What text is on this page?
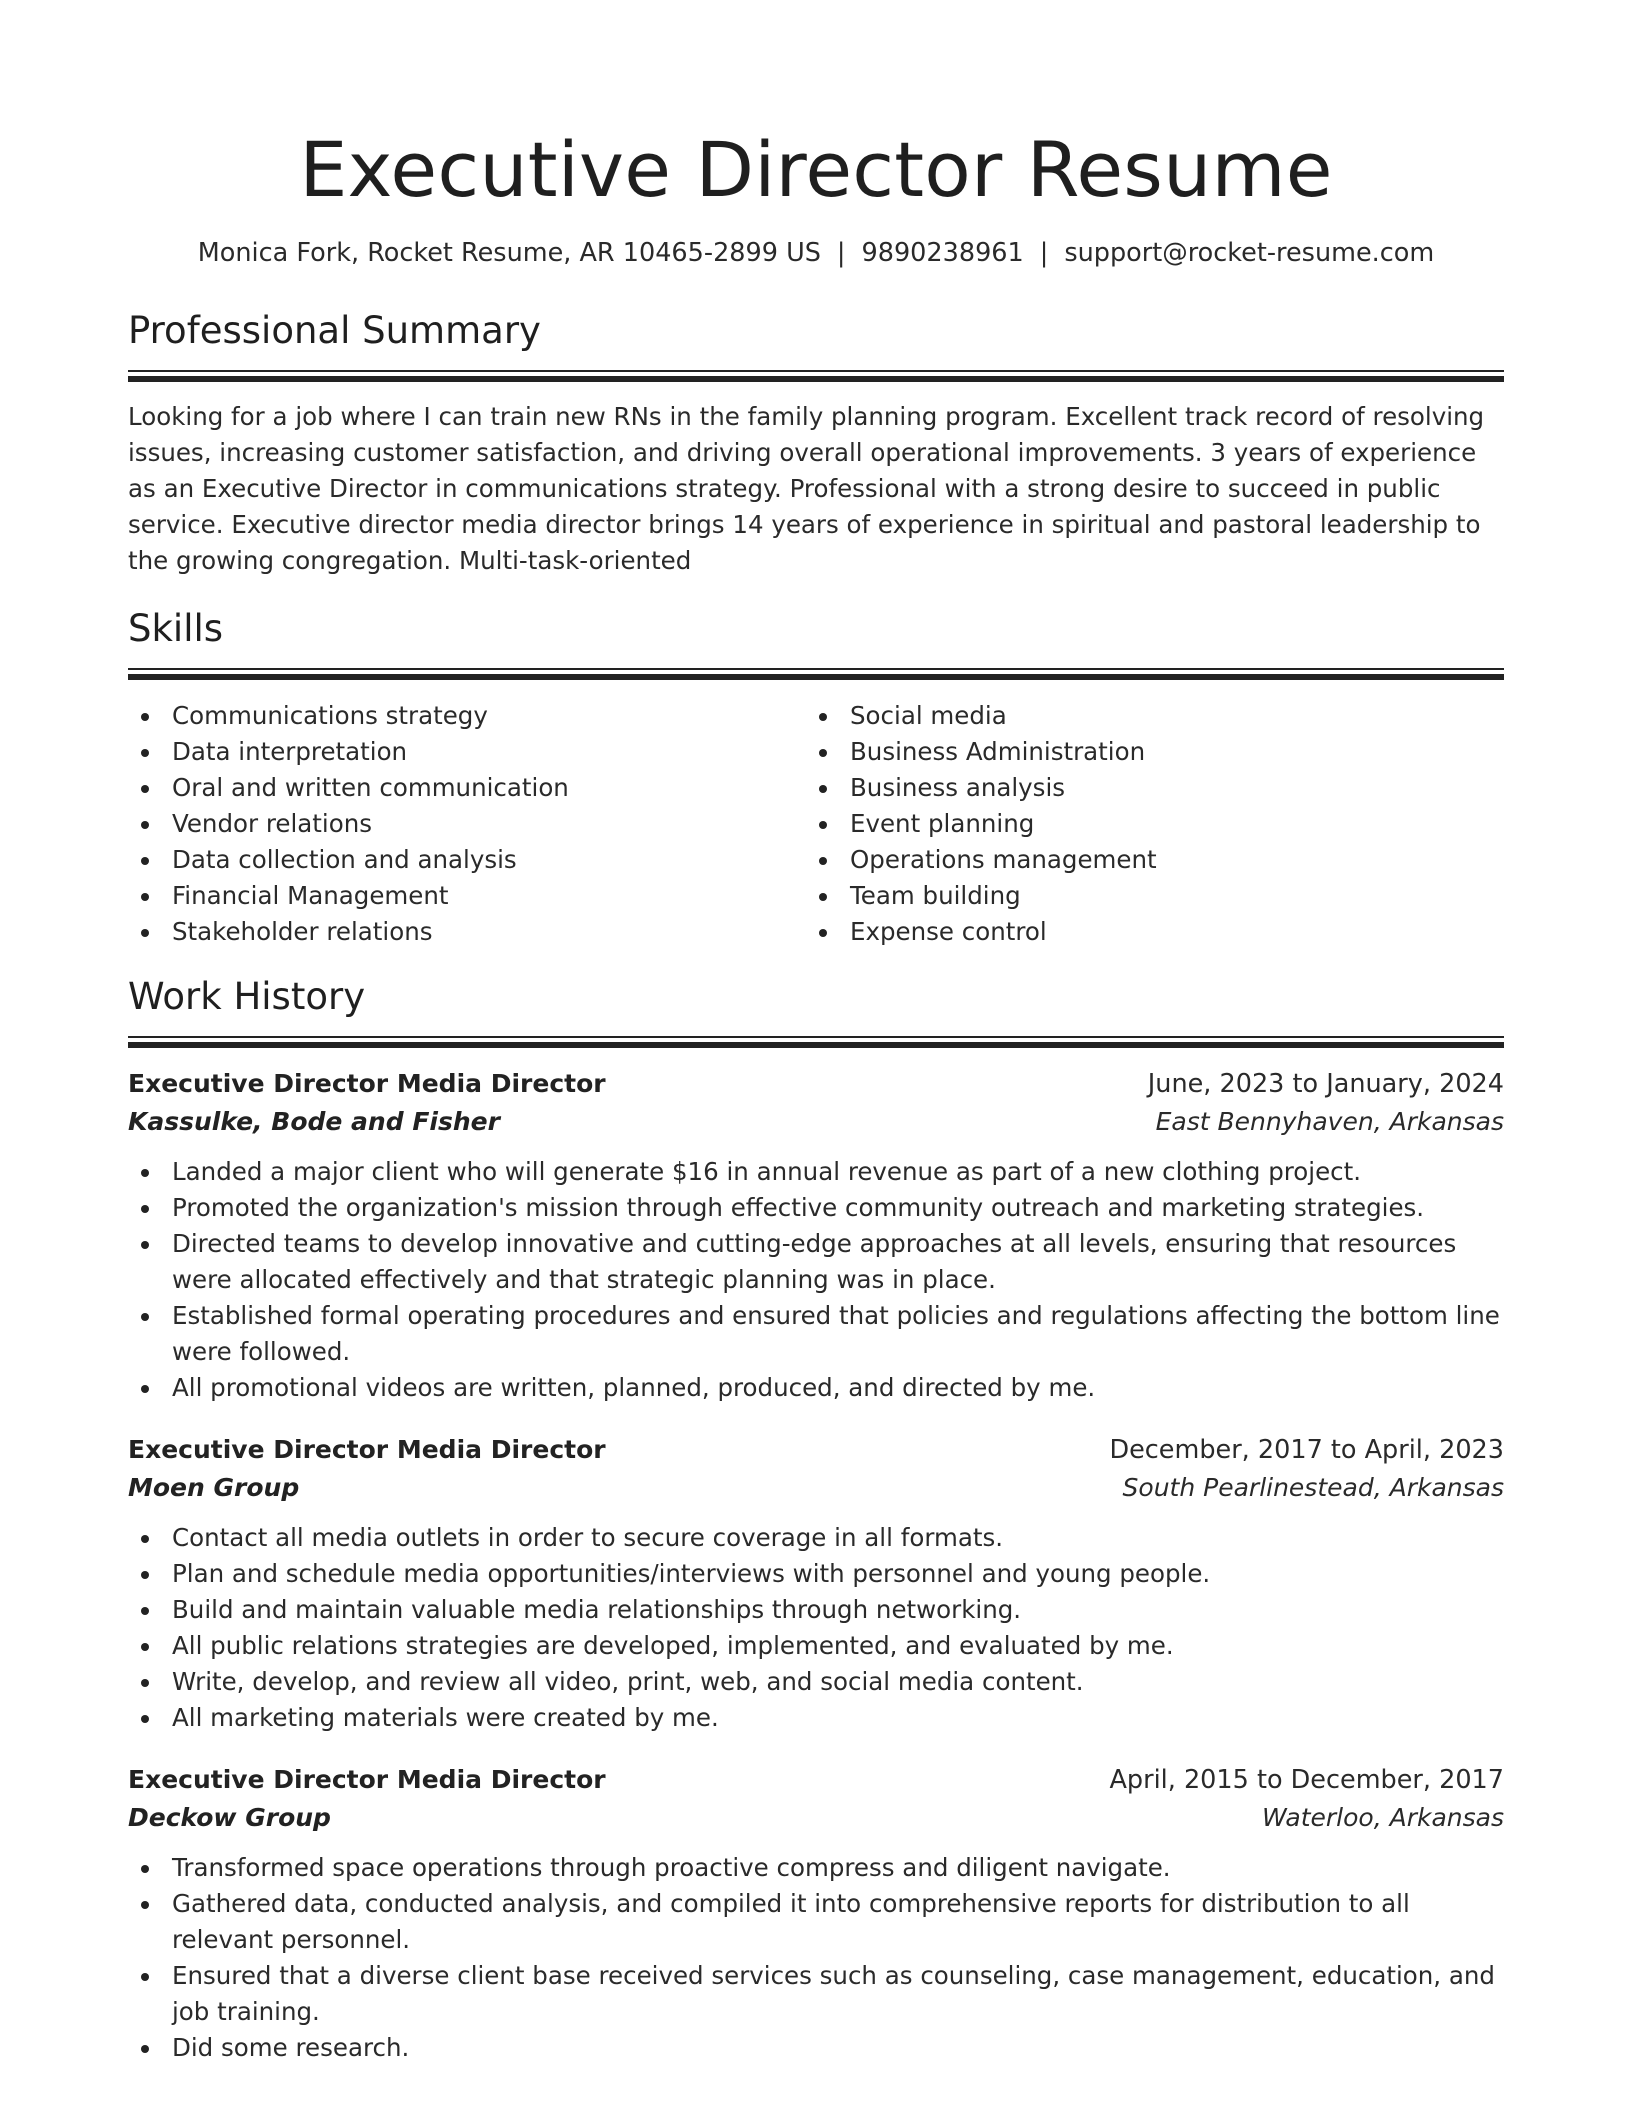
Executive Director Resume
Monica Fork, Rocket Resume, AR 10465-2899 US | 9890238961 | support@rocket-resume.com
Professional Summary

Looking for a job where I can train new RNs in the family planning program. Excellent track record of resolving issues, increasing customer satisfaction, and driving overall operational improvements. 3 years of experience as an Executive Director in communications strategy. Professional with a strong desire to succeed in public service. Executive director media director brings 14 years of experience in spiritual and pastoral leadership to the growing congregation. Multi-task-oriented

Skills
Communications strategy
Data interpretation
Oral and written communication
Vendor relations
Data collection and analysis
Financial Management
Stakeholder relations
Social media
Business Administration
Business analysis
Event planning
Operations management
Team building
Expense control
Work History
Executive Director Media Director	June, 2023 to January, 2024
Kassulke, Bode and Fisher	East Bennyhaven, Arkansas
Landed a major client who will generate $16 in annual revenue as part of a new clothing project.
Promoted the organization's mission through effective community outreach and marketing strategies.
Directed teams to develop innovative and cutting-edge approaches at all levels, ensuring that resources were allocated effectively and that strategic planning was in place.
Established formal operating procedures and ensured that policies and regulations affecting the bottom line were followed.
All promotional videos are written, planned, produced, and directed by me.
Executive Director Media Director	December, 2017 to April, 2023
Moen Group	South Pearlinestead, Arkansas
Contact all media outlets in order to secure coverage in all formats.
Plan and schedule media opportunities/interviews with personnel and young people.
Build and maintain valuable media relationships through networking.
All public relations strategies are developed, implemented, and evaluated by me.
Write, develop, and review all video, print, web, and social media content.
All marketing materials were created by me.
Executive Director Media Director	April, 2015 to December, 2017
Deckow Group	Waterloo, Arkansas
Transformed space operations through proactive compress and diligent navigate.
Gathered data, conducted analysis, and compiled it into comprehensive reports for distribution to all relevant personnel.
Ensured that a diverse client base received services such as counseling, case management, education, and job training.
Did some research.
